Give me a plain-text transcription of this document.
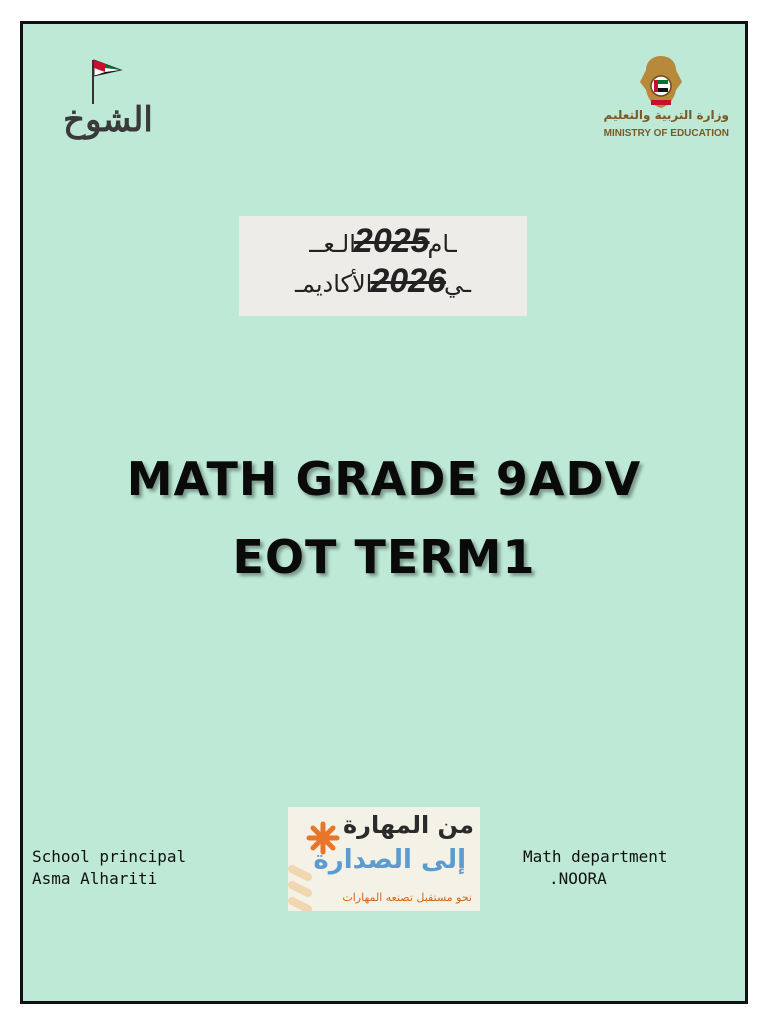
الشوخ	وزارة التربية والتعليم
MINISTRY OF EDUCATION
ـام2025الـعــ
ـي2026الأكاديمـ
MATH GRADE 9ADV
EOT TERM1
School principal
Asma Alhariti
من المهارة
إلى الصدارة
نحو مستقبل تصنعه المهارات
Math department
.NOORA
